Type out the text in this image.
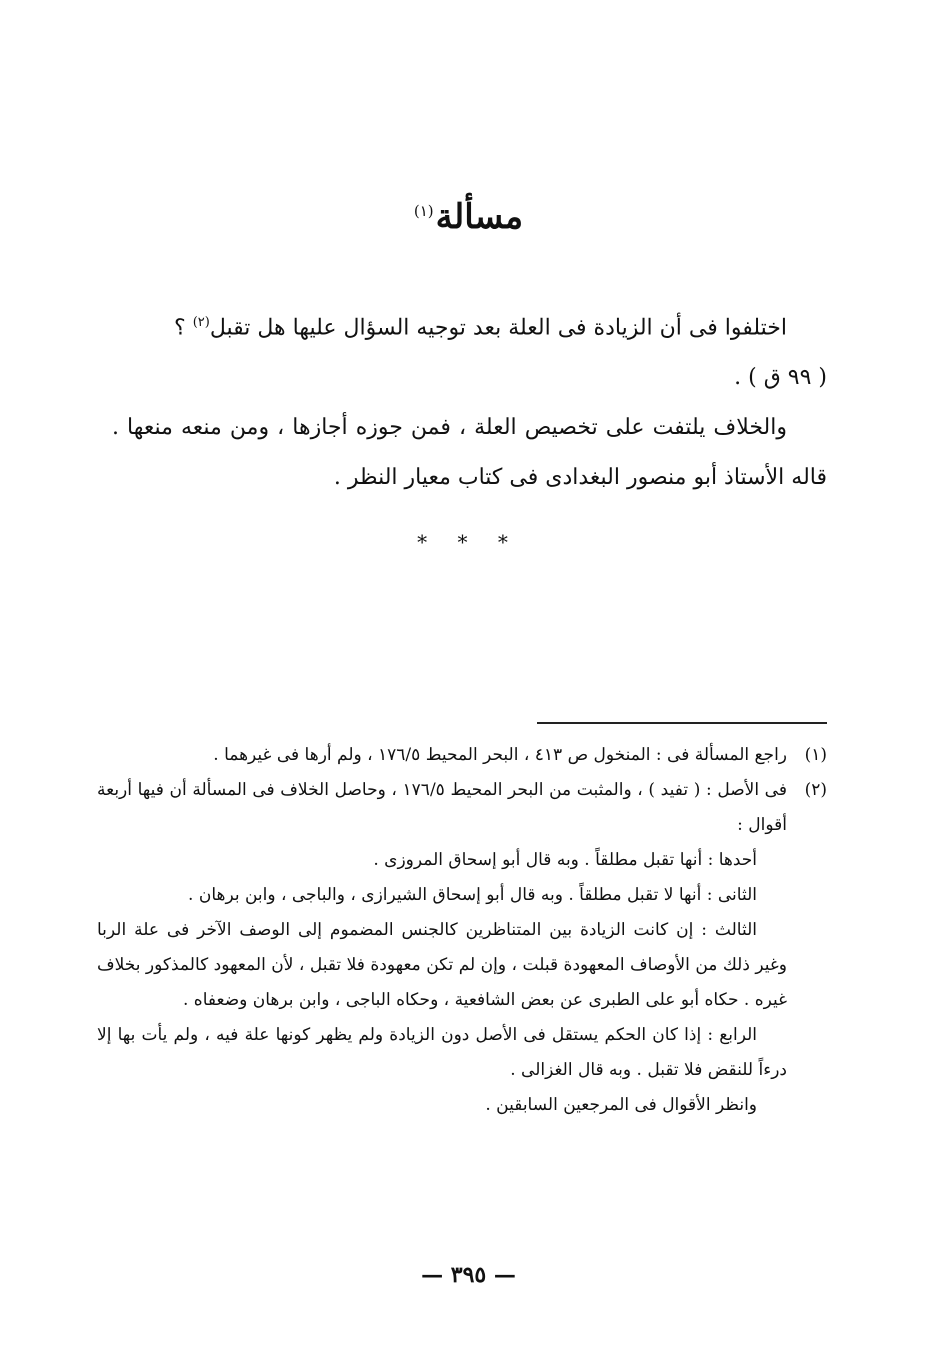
مسألة$^{(١)}$

اختلفوا فى أن الزيادة فى العلة بعد توجيه السؤال عليها هل تقبل$^{(٢)}$ ؟

( ٩٩ ق ) .

والخلاف يلتفت على تخصيص العلة ، فمن جوزه أجازها ، ومن منعه منعها . قاله الأستاذ أبو منصور البغدادى فى كتاب معيار النظر .

* * *
(١)

راجع المسألة فى : المنخول ص ٤١٣ ، البحر المحيط ١٧٦/٥ ، ولم أرها فى غيرهما .

(٢)

فى الأصل : ( تفيد ) ، والمثبت من البحر المحيط ١٧٦/٥ ، وحاصل الخلاف فى المسألة أن فيها أربعة أقوال :

أحدها : أنها تقبل مطلقاً . وبه قال أبو إسحاق المروزى .

الثانى : أنها لا تقبل مطلقاً . وبه قال أبو إسحاق الشيرازى ، والباجى ، وابن برهان .

الثالث : إن كانت الزيادة بين المتناظرين كالجنس المضموم إلى الوصف الآخر فى علة الربا وغير ذلك من الأوصاف المعهودة قبلت ، وإن لم تكن معهودة فلا تقبل ، لأن المعهود كالمذكور بخلاف غيره . حكاه أبو على الطبرى عن بعض الشافعية ، وحكاه الباجى ، وابن برهان وضعفاه .

الرابع : إذا كان الحكم يستقل فى الأصل دون الزيادة ولم يظهر كونها علة فيه ، ولم يأت بها إلا درءاً للنقض فلا تقبل . وبه قال الغزالى .

وانظر الأقوال فى المرجعين السابقين .

— ٣٩٥ —
